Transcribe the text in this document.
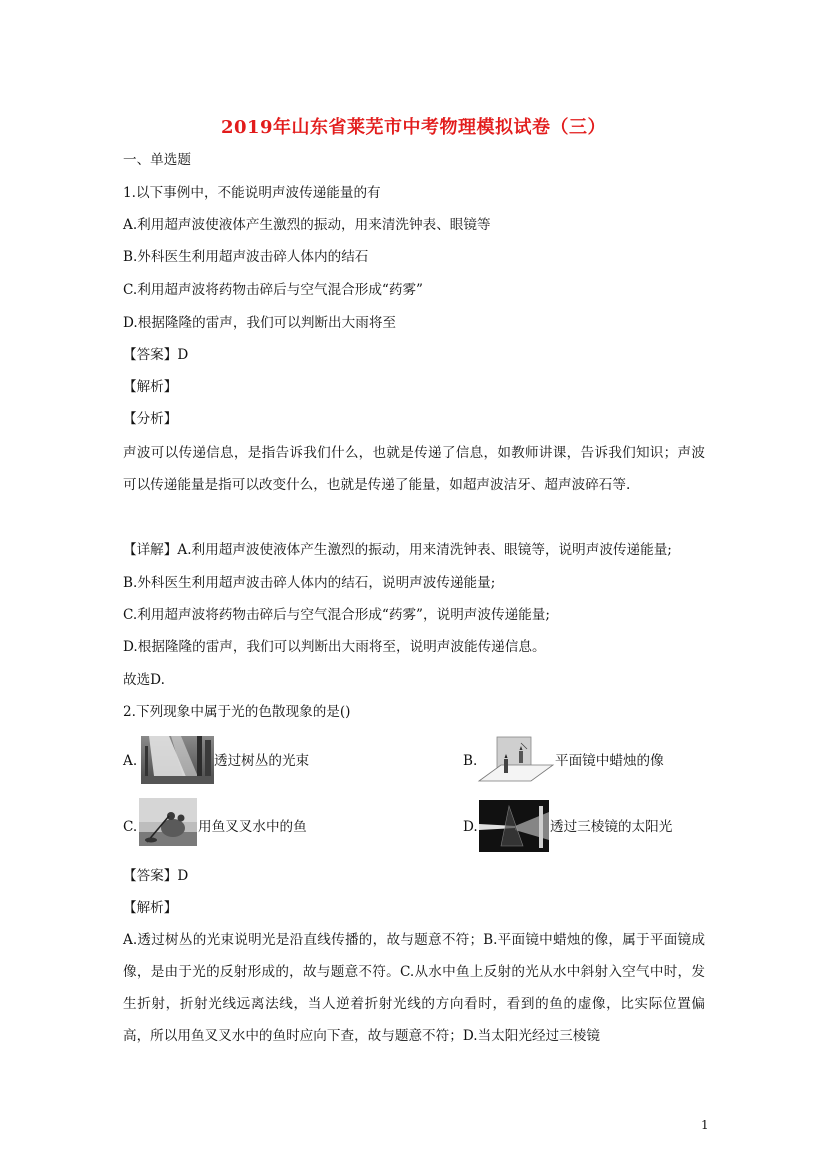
2019年山东省莱芜市中考物理模拟试卷（三）
一、单选题
1.以下事例中，不能说明声波传递能量的有
A.利用超声波使液体产生激烈的振动，用来清洗钟表、眼镜等
B.外科医生利用超声波击碎人体内的结石
C.利用超声波将药物击碎后与空气混合形成“药雾”
D.根据隆隆的雷声，我们可以判断出大雨将至
【答案】D
【解析】
【分析】
声波可以传递信息，是指告诉我们什么，也就是传递了信息，如教师讲课，告诉我们知识；声波可以传递能量是指可以改变什么，也就是传递了能量，如超声波洁牙、超声波碎石等.
【详解】A.利用超声波使液体产生激烈的振动，用来清洗钟表、眼镜等，说明声波传递能量;
B.外科医生利用超声波击碎人体内的结石，说明声波传递能量;
C.利用超声波将药物击碎后与空气混合形成“药雾”，说明声波传递能量;
D.根据隆隆的雷声，我们可以判断出大雨将至，说明声波能传递信息。
故选D.
2.下列现象中属于光的色散现象的是()
A.	透过树丛的光束	B.	平面镜中蜡烛的像
C.	用鱼叉叉水中的鱼	D.	透过三棱镜的太阳光
【答案】D
【解析】
A.透过树丛的光束说明光是沿直线传播的，故与题意不符；B.平面镜中蜡烛的像，属于平面镜成像，是由于光的反射形成的，故与题意不符。C.从水中鱼上反射的光从水中斜射入空气中时，发生折射，折射光线远离法线，当人逆着折射光线的方向看时，看到的鱼的虚像，比实际位置偏高，所以用鱼叉叉水中的鱼时应向下查，故与题意不符；D.当太阳光经过三棱镜
1
